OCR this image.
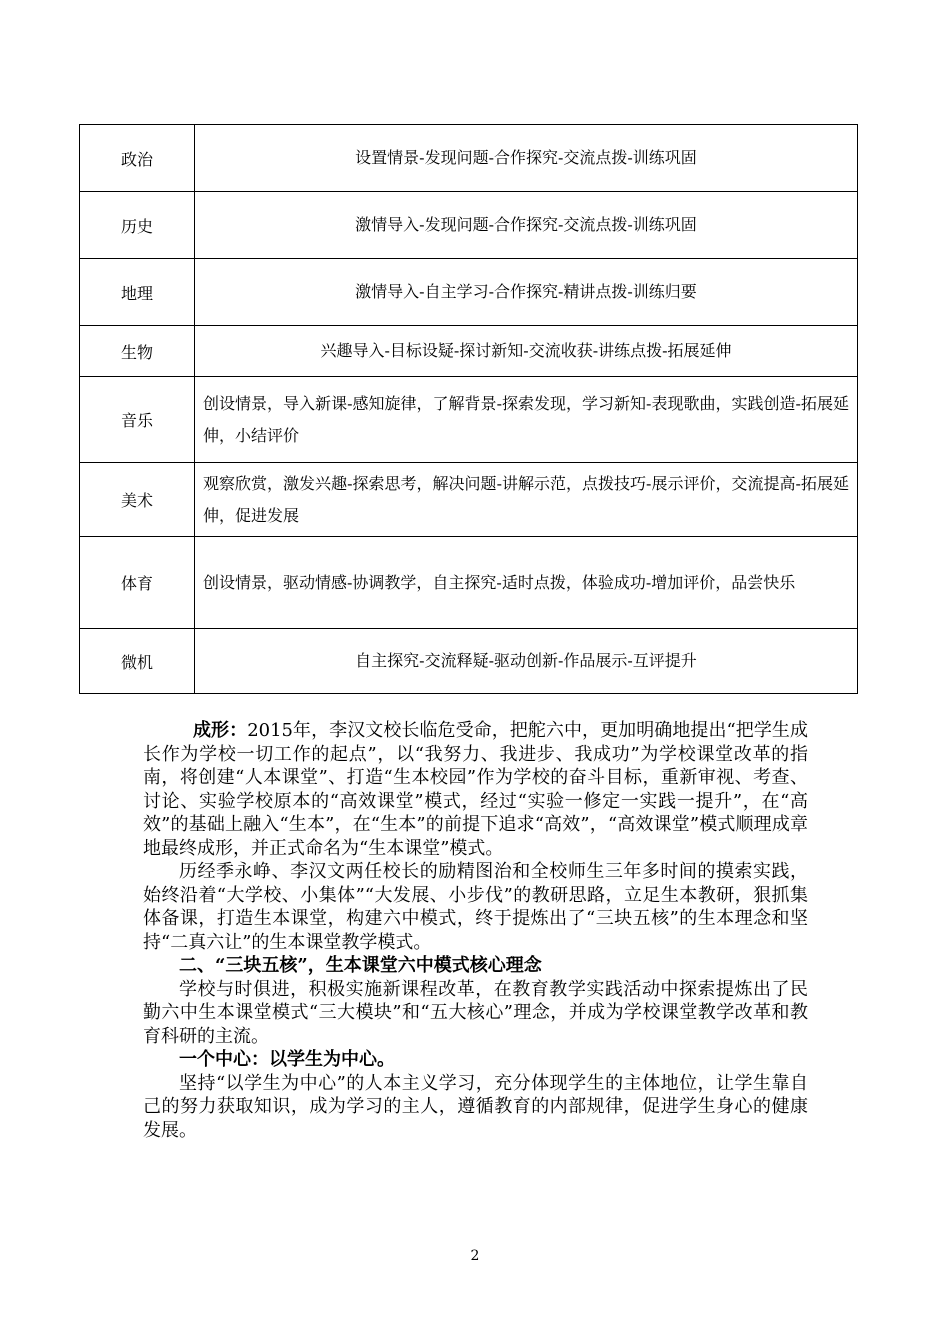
政治	设置情景-发现问题-合作探究-交流点拨-训练巩固
历史	激情导入-发现问题-合作探究-交流点拨-训练巩固
地理	激情导入-自主学习-合作探究-精讲点拨-训练归要
生物	兴趣导入-目标设疑-探讨新知-交流收获-讲练点拨-拓展延伸
音乐	创设情景，导入新课-感知旋律，了解背景-探索发现，学习新知-表现歌曲，实践创造-拓展延伸，小结评价
美术	观察欣赏，激发兴趣-探索思考，解决问题-讲解示范，点拨技巧-展示评价，交流提高-拓展延伸，促进发展
体育	创设情景，驱动情感-协调教学，自主探究-适时点拨，体验成功-增加评价，品尝快乐
微机	自主探究-交流释疑-驱动创新-作品展示-互评提升

成形：2015年，李汉文校长临危受命，把舵六中，更加明确地提出“把学生成长作为学校一切工作的起点”，以“我努力、我进步、我成功”为学校课堂改革的指南，将创建“人本课堂”、打造“生本校园”作为学校的奋斗目标，重新审视、考查、讨论、实验学校原本的“高效课堂”模式，经过“实验一修定一实践一提升”，在“高效”的基础上融入“生本”，在“生本”的前提下追求“高效”，“高效课堂”模式顺理成章地最终成形，并正式命名为“生本课堂”模式。

历经季永峥、李汉文两任校长的励精图治和全校师生三年多时间的摸索实践，始终沿着“大学校、小集体”“大发展、小步伐”的教研思路，立足生本教研，狠抓集体备课，打造生本课堂，构建六中模式，终于提炼出了“三块五核”的生本理念和坚持“二真六让”的生本课堂教学模式。

二、“三块五核”，生本课堂六中模式核心理念

学校与时俱进，积极实施新课程改革，在教育教学实践活动中探索提炼出了民勤六中生本课堂模式“三大模块”和“五大核心”理念，并成为学校课堂教学改革和教育科研的主流。

一个中心：以学生为中心。

坚持“以学生为中心”的人本主义学习，充分体现学生的主体地位，让学生靠自己的努力获取知识，成为学习的主人，遵循教育的内部规律，促进学生身心的健康发展。

2
